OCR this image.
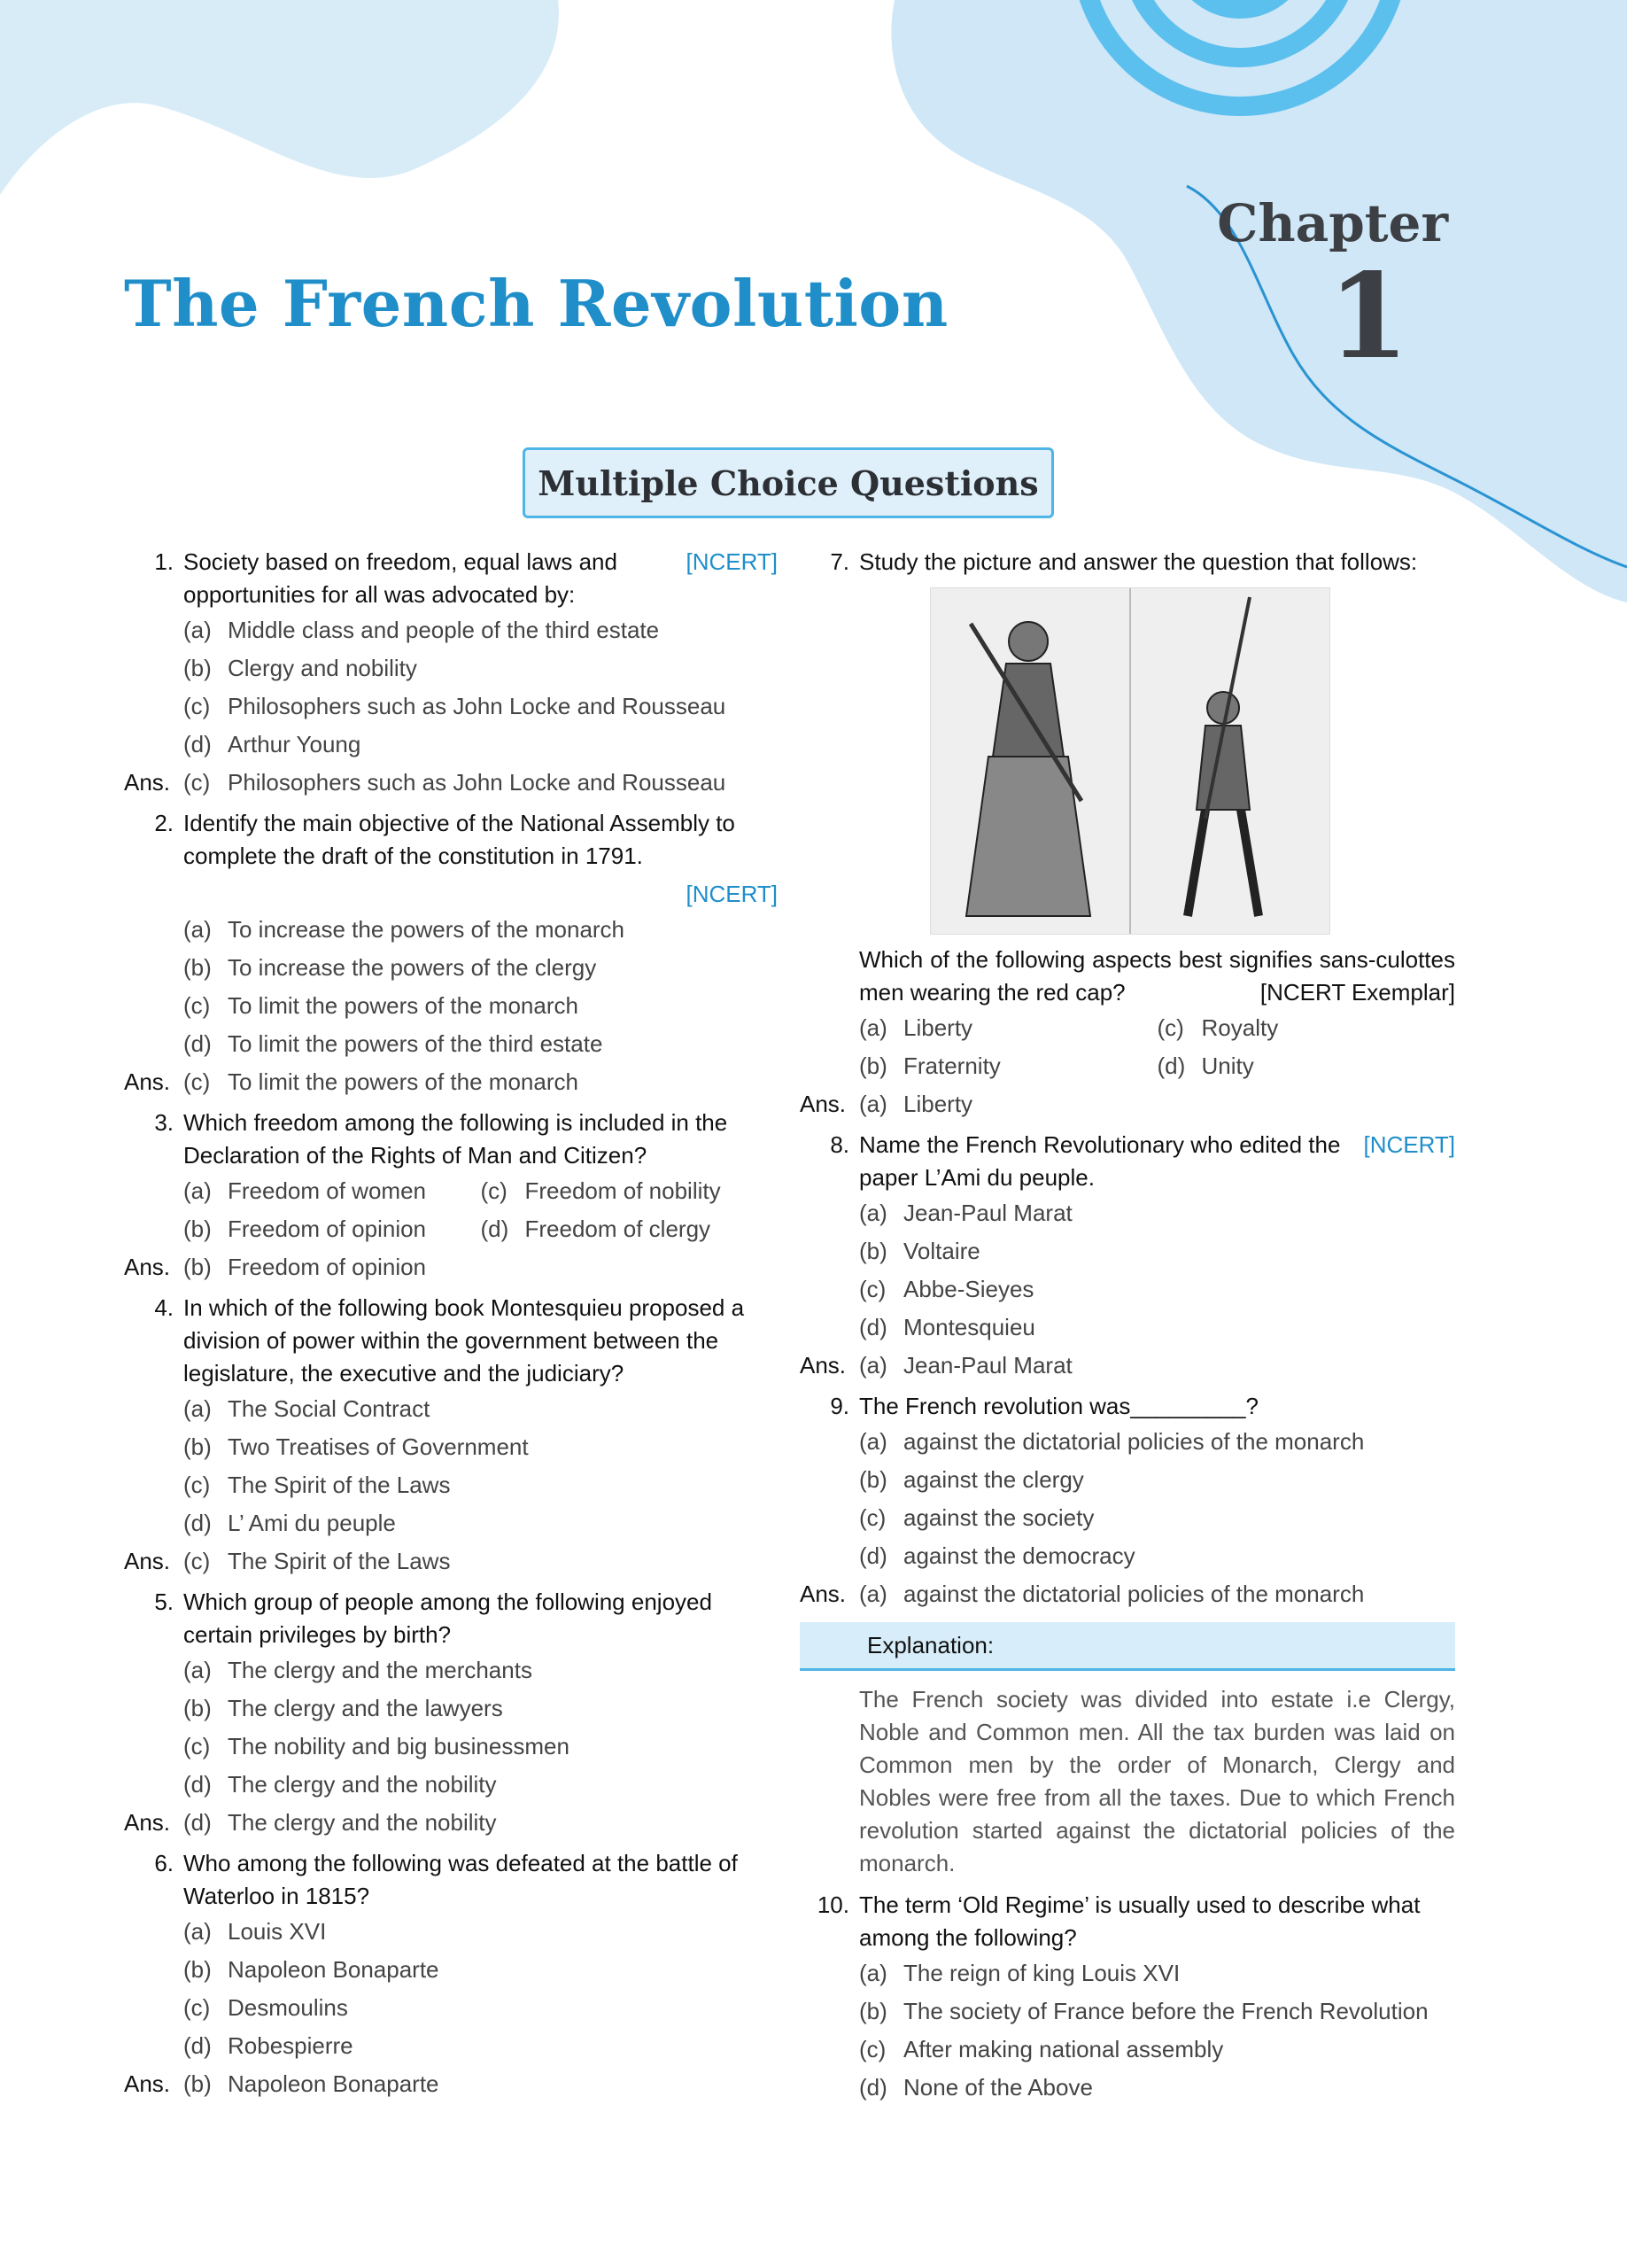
The French Revolution
Chapter
1
Multiple Choice Questions
1.	[NCERT]
Society based on freedom, equal laws and opportunities for all was advocated by:
(a) Middle class and people of the third estate
(b) Clergy and nobility
(c) Philosophers such as John Locke and Rousseau
(d) Arthur Young
Ans. (c) Philosophers such as John Locke and Rousseau
2. Identify the main objective of the National Assembly to complete the draft of the constitution in 1791.
[NCERT]
(a) To increase the powers of the monarch
(b) To increase the powers of the clergy
(c) To limit the powers of the monarch
(d) To limit the powers of the third estate
Ans. (c) To limit the powers of the monarch
3. Which freedom among the following is included in the Declaration of the Rights of Man and Citizen?
(a) Freedom of women (c) Freedom of nobility
(b) Freedom of opinion (d) Freedom of clergy
Ans. (b) Freedom of opinion
4. In which of the following book Montesquieu proposed a division of power within the government between the legislature, the executive and the judiciary?
(a) The Social Contract
(b) Two Treatises of Government
(c) The Spirit of the Laws
(d) L’ Ami du peuple
Ans. (c) The Spirit of the Laws
5. Which group of people among the following enjoyed certain privileges by birth?
(a) The clergy and the merchants
(b) The clergy and the lawyers
(c) The nobility and big businessmen
(d) The clergy and the nobility
Ans. (d) The clergy and the nobility
6. Who among the following was defeated at the battle of Waterloo in 1815?
(a) Louis XVI
(b) Napoleon Bonaparte
(c) Desmoulins
(d) Robespierre
Ans. (b) Napoleon Bonaparte
7. Study the picture and answer the question that follows:
Which of the following aspects best signifies sans-culottes men wearing the red cap?	[NCERT Exemplar]
(a) Liberty	(c) Royalty
(b) Fraternity	(d) Unity
Ans. (a) Liberty
8.	[NCERT]
Name the French Revolutionary who edited the paper L’Ami du peuple.
(a) Jean-Paul Marat
(b) Voltaire
(c) Abbe-Sieyes
(d) Montesquieu
Ans. (a) Jean-Paul Marat
9. The French revolution was_________?
(a) against the dictatorial policies of the monarch
(b) against the clergy
(c) against the society
(d) against the democracy
Ans. (a) against the dictatorial policies of the monarch
Explanation:
The French society was divided into estate i.e Clergy, Noble and Common men. All the tax burden was laid on Common men by the order of Monarch, Clergy and Nobles were free from all the taxes. Due to which French revolution started against the dictatorial policies of the monarch.
10. The term ‘Old Regime’ is usually used to describe what among the following?
(a) The reign of king Louis XVI
(b) The society of France before the French Revolution
(c) After making national assembly
(d) None of the Above
